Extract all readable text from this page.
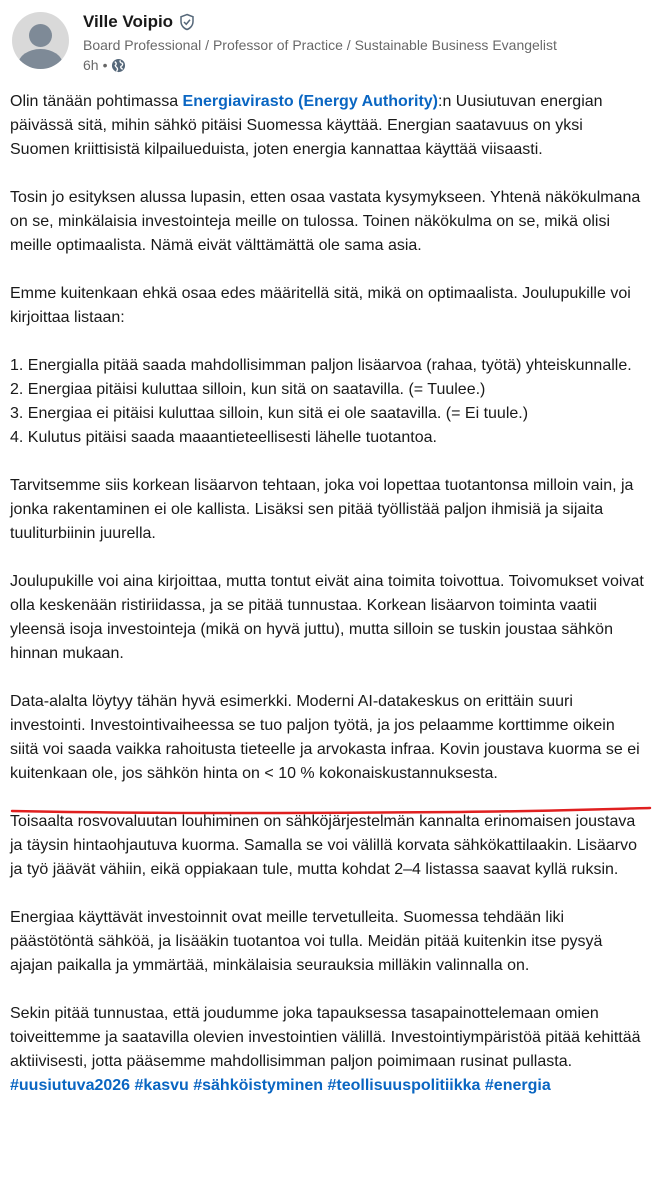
Ville Voipio
Board Professional / Professor of Practice / Sustainable Business Evangelist
6h •

Olin tänään pohtimassa Energiavirasto (Energy Authority):n Uusiutuvan energian päivässä sitä, mihin sähkö pitäisi Suomessa käyttää. Energian saatavuus on yksi Suomen kriittisistä kilpailueduista, joten energia kannattaa käyttää viisaasti.

Tosin jo esityksen alussa lupasin, etten osaa vastata kysymykseen. Yhtenä näkökulmana on se, minkälaisia investointeja meille on tulossa. Toinen näkökulma on se, mikä olisi meille optimaalista. Nämä eivät välttämättä ole sama asia.

Emme kuitenkaan ehkä osaa edes määritellä sitä, mikä on optimaalista. Joulupukille voi kirjoittaa listaan:

1. Energialla pitää saada mahdollisimman paljon lisäarvoa (rahaa, työtä) yhteiskunnalle.

2. Energiaa pitäisi kuluttaa silloin, kun sitä on saatavilla. (= Tuulee.)

3. Energiaa ei pitäisi kuluttaa silloin, kun sitä ei ole saatavilla. (= Ei tuule.)

4. Kulutus pitäisi saada maaantieteellisesti lähelle tuotantoa.

Tarvitsemme siis korkean lisäarvon tehtaan, joka voi lopettaa tuotantonsa milloin vain, ja jonka rakentaminen ei ole kallista. Lisäksi sen pitää työllistää paljon ihmisiä ja sijaita tuuliturbiinin juurella.

Joulupukille voi aina kirjoittaa, mutta tontut eivät aina toimita toivottua. Toivomukset voivat olla keskenään ristiriidassa, ja se pitää tunnustaa. Korkean lisäarvon toiminta vaatii yleensä isoja investointeja (mikä on hyvä juttu), mutta silloin se tuskin joustaa sähkön hinnan mukaan.

Data-alalta löytyy tähän hyvä esimerkki. Moderni AI-datakeskus on erittäin suuri investointi. Investointivaiheessa se tuo paljon työtä, ja jos pelaamme korttimme oikein siitä voi saada vaikka rahoitusta tieteelle ja arvokasta infraa. Kovin joustava kuorma se ei kuitenkaan ole, jos sähkön hinta on < 10 % kokonaiskustannuksesta.

Toisaalta rosvovaluutan louhiminen on sähköjärjestelmän kannalta erinomaisen joustava ja täysin hintaohjautuva kuorma. Samalla se voi välillä korvata sähkökattilaakin. Lisäarvo ja työ jäävät vähiin, eikä oppiakaan tule, mutta kohdat 2–4 listassa saavat kyllä ruksin.

Energiaa käyttävät investoinnit ovat meille tervetulleita. Suomessa tehdään liki päästötöntä sähköä, ja lisääkin tuotantoa voi tulla. Meidän pitää kuitenkin itse pysyä ajajan paikalla ja ymmärtää, minkälaisia seurauksia milläkin valinnalla on.

Sekin pitää tunnustaa, että joudumme joka tapauksessa tasapainottelemaan omien toiveittemme ja saatavilla olevien investointien välillä. Investointiympäristöä pitää kehittää aktiivisesti, jotta pääsemme mahdollisimman paljon poimimaan rusinat pullasta.

#uusiutuva2026 #kasvu #sähköistyminen #teollisuuspolitiikka #energia
